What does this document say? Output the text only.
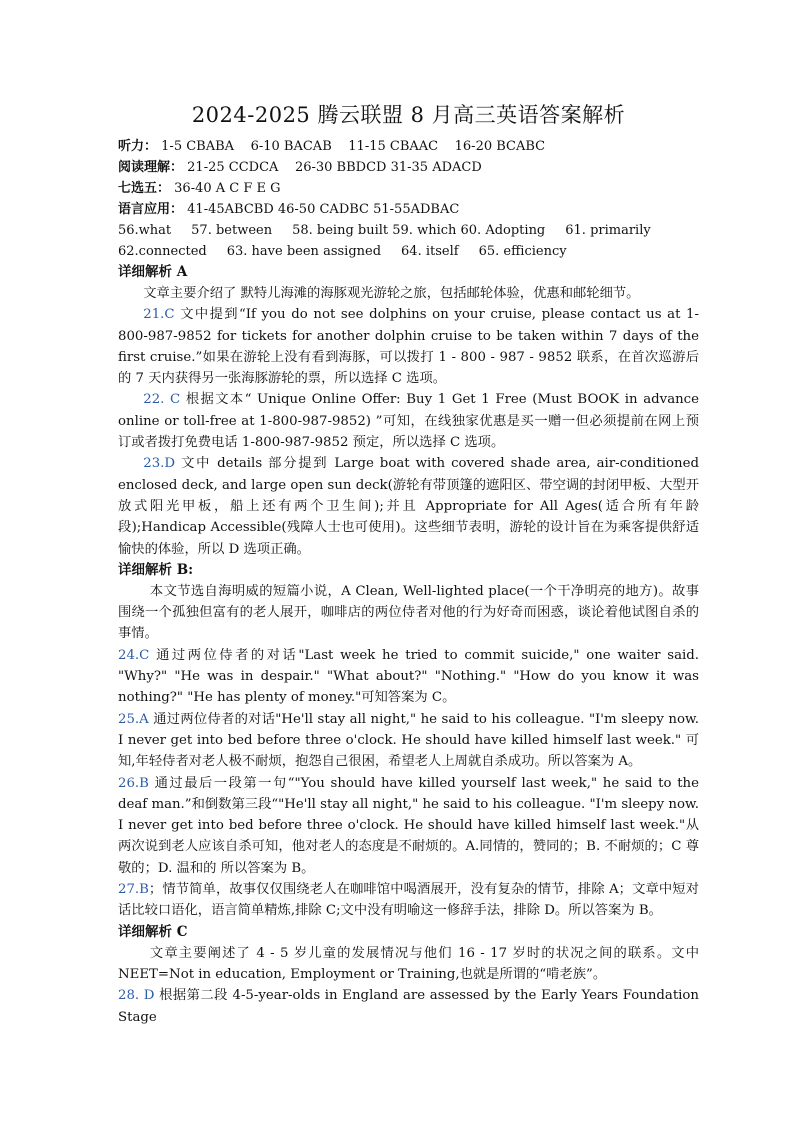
2024-2025 腾云联盟 8 月高三英语答案解析
听力： 1-5 CBABA    6-10 BACAB    11-15 CBAAC    16-20 BCABC
阅读理解： 21-25 CCDCA    26-30 BBDCD 31-35 ADACD
七选五： 36-40 A C F E G
语言应用： 41-45ABCBD 46-50 CADBC 51-55ADBAC
56.what 57. between 58. being built 59. which 60. Adopting 61. primarily
62.connected 63. have been assigned 64. itself 65. efficiency
详细解析 A

文章主要介绍了 默特儿海滩的海豚观光游轮之旅，包括邮轮体验，优惠和邮轮细节。

21.C 文中提到“If you do not see dolphins on your cruise, please contact us at 1-800-987-9852 for tickets for another dolphin cruise to be taken within 7 days of the first cruise.”如果在游轮上没有看到海豚，可以拨打 1 - 800 - 987 - 9852 联系，在首次巡游后的 7 天内获得另一张海豚游轮的票，所以选择 C 选项。

22. C 根据文本“ Unique Online Offer: Buy 1 Get 1 Free (Must BOOK in advance online or toll-free at 1-800-987-9852) ”可知，在线独家优惠是买一赠一但必须提前在网上预订或者拨打免费电话 1-800-987-9852 预定，所以选择 C 选项。

23.D 文中 details 部分提到 Large boat with covered shade area, air-conditioned enclosed deck, and large open sun deck(游轮有带顶篷的遮阳区、带空调的封闭甲板、大型开放式阳光甲板，船上还有两个卫生间);并且 Appropriate for All Ages(适合所有年龄段);Handicap Accessible(残障人士也可使用)。这些细节表明，游轮的设计旨在为乘客提供舒适愉快的体验，所以 D 选项正确。

详细解析 B:

本文节选自海明威的短篇小说，A Clean, Well-lighted place(一个干净明亮的地方)。故事围绕一个孤独但富有的老人展开，咖啡店的两位侍者对他的行为好奇而困惑，谈论着他试图自杀的事情。

24.C 通过两位侍者的对话"Last week he tried to commit suicide," one waiter said. "Why?" "He was in despair." "What about?" "Nothing." "How do you know it was nothing?" "He has plenty of money."可知答案为 C。

25.A 通过两位侍者的对话"He'll stay all night," he said to his colleague. "I'm sleepy now. I never get into bed before three o'clock. He should have killed himself last week." 可知,年轻侍者对老人极不耐烦，抱怨自己很困，希望老人上周就自杀成功。所以答案为 A。

26.B 通过最后一段第一句“"You should have killed yourself last week," he said to the deaf man.”和倒数第三段“"He'll stay all night," he said to his colleague. "I'm sleepy now. I never get into bed before three o'clock. He should have killed himself last week."从两次说到老人应该自杀可知，他对老人的态度是不耐烦的。A.同情的，赞同的；B. 不耐烦的；C 尊敬的；D. 温和的 所以答案为 B。

27.B；情节简单，故事仅仅围绕老人在咖啡馆中喝酒展开，没有复杂的情节，排除 A；文章中短对话比较口语化，语言简单精炼,排除 C;文中没有明喻这一修辞手法，排除 D。所以答案为 B。

详细解析 C

文章主要阐述了 4 - 5 岁儿童的发展情况与他们 16 - 17 岁时的状况之间的联系。文中 NEET=Not in education, Employment or Training,也就是所谓的“啃老族”。

28. D 根据第二段 4-5-year-olds in England are assessed by the Early Years Foundation Stage
